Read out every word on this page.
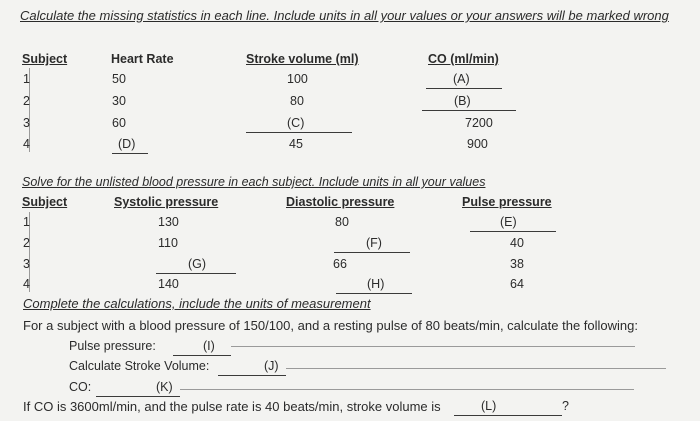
Calculate the missing statistics in each line. Include units in all your values or your answers will be marked wrong
Subject	Heart Rate	Stroke volume (ml)	CO (ml/min)
1	50	100	(A)
2	30	80	(B)
3	60	(C)	7200
4	(D)	45	900
Solve for the unlisted blood pressure in each subject. Include units in all your values
Subject	Systolic pressure	Diastolic pressure	Pulse pressure
1	130	80	(E)
2	110	(F)	40
3	(G)	66	38
4	140	(H)	64
Complete the calculations, include the units of measurement
For a subject with a blood pressure of 150/100, and a resting pulse of 80 beats/min, calculate the following:
Pulse pressure:	(I)
Calculate Stroke Volume:	(J)
CO:	(K)
If CO is 3600ml/min, and the pulse rate is 40 beats/min, stroke volume is	(L)	?
